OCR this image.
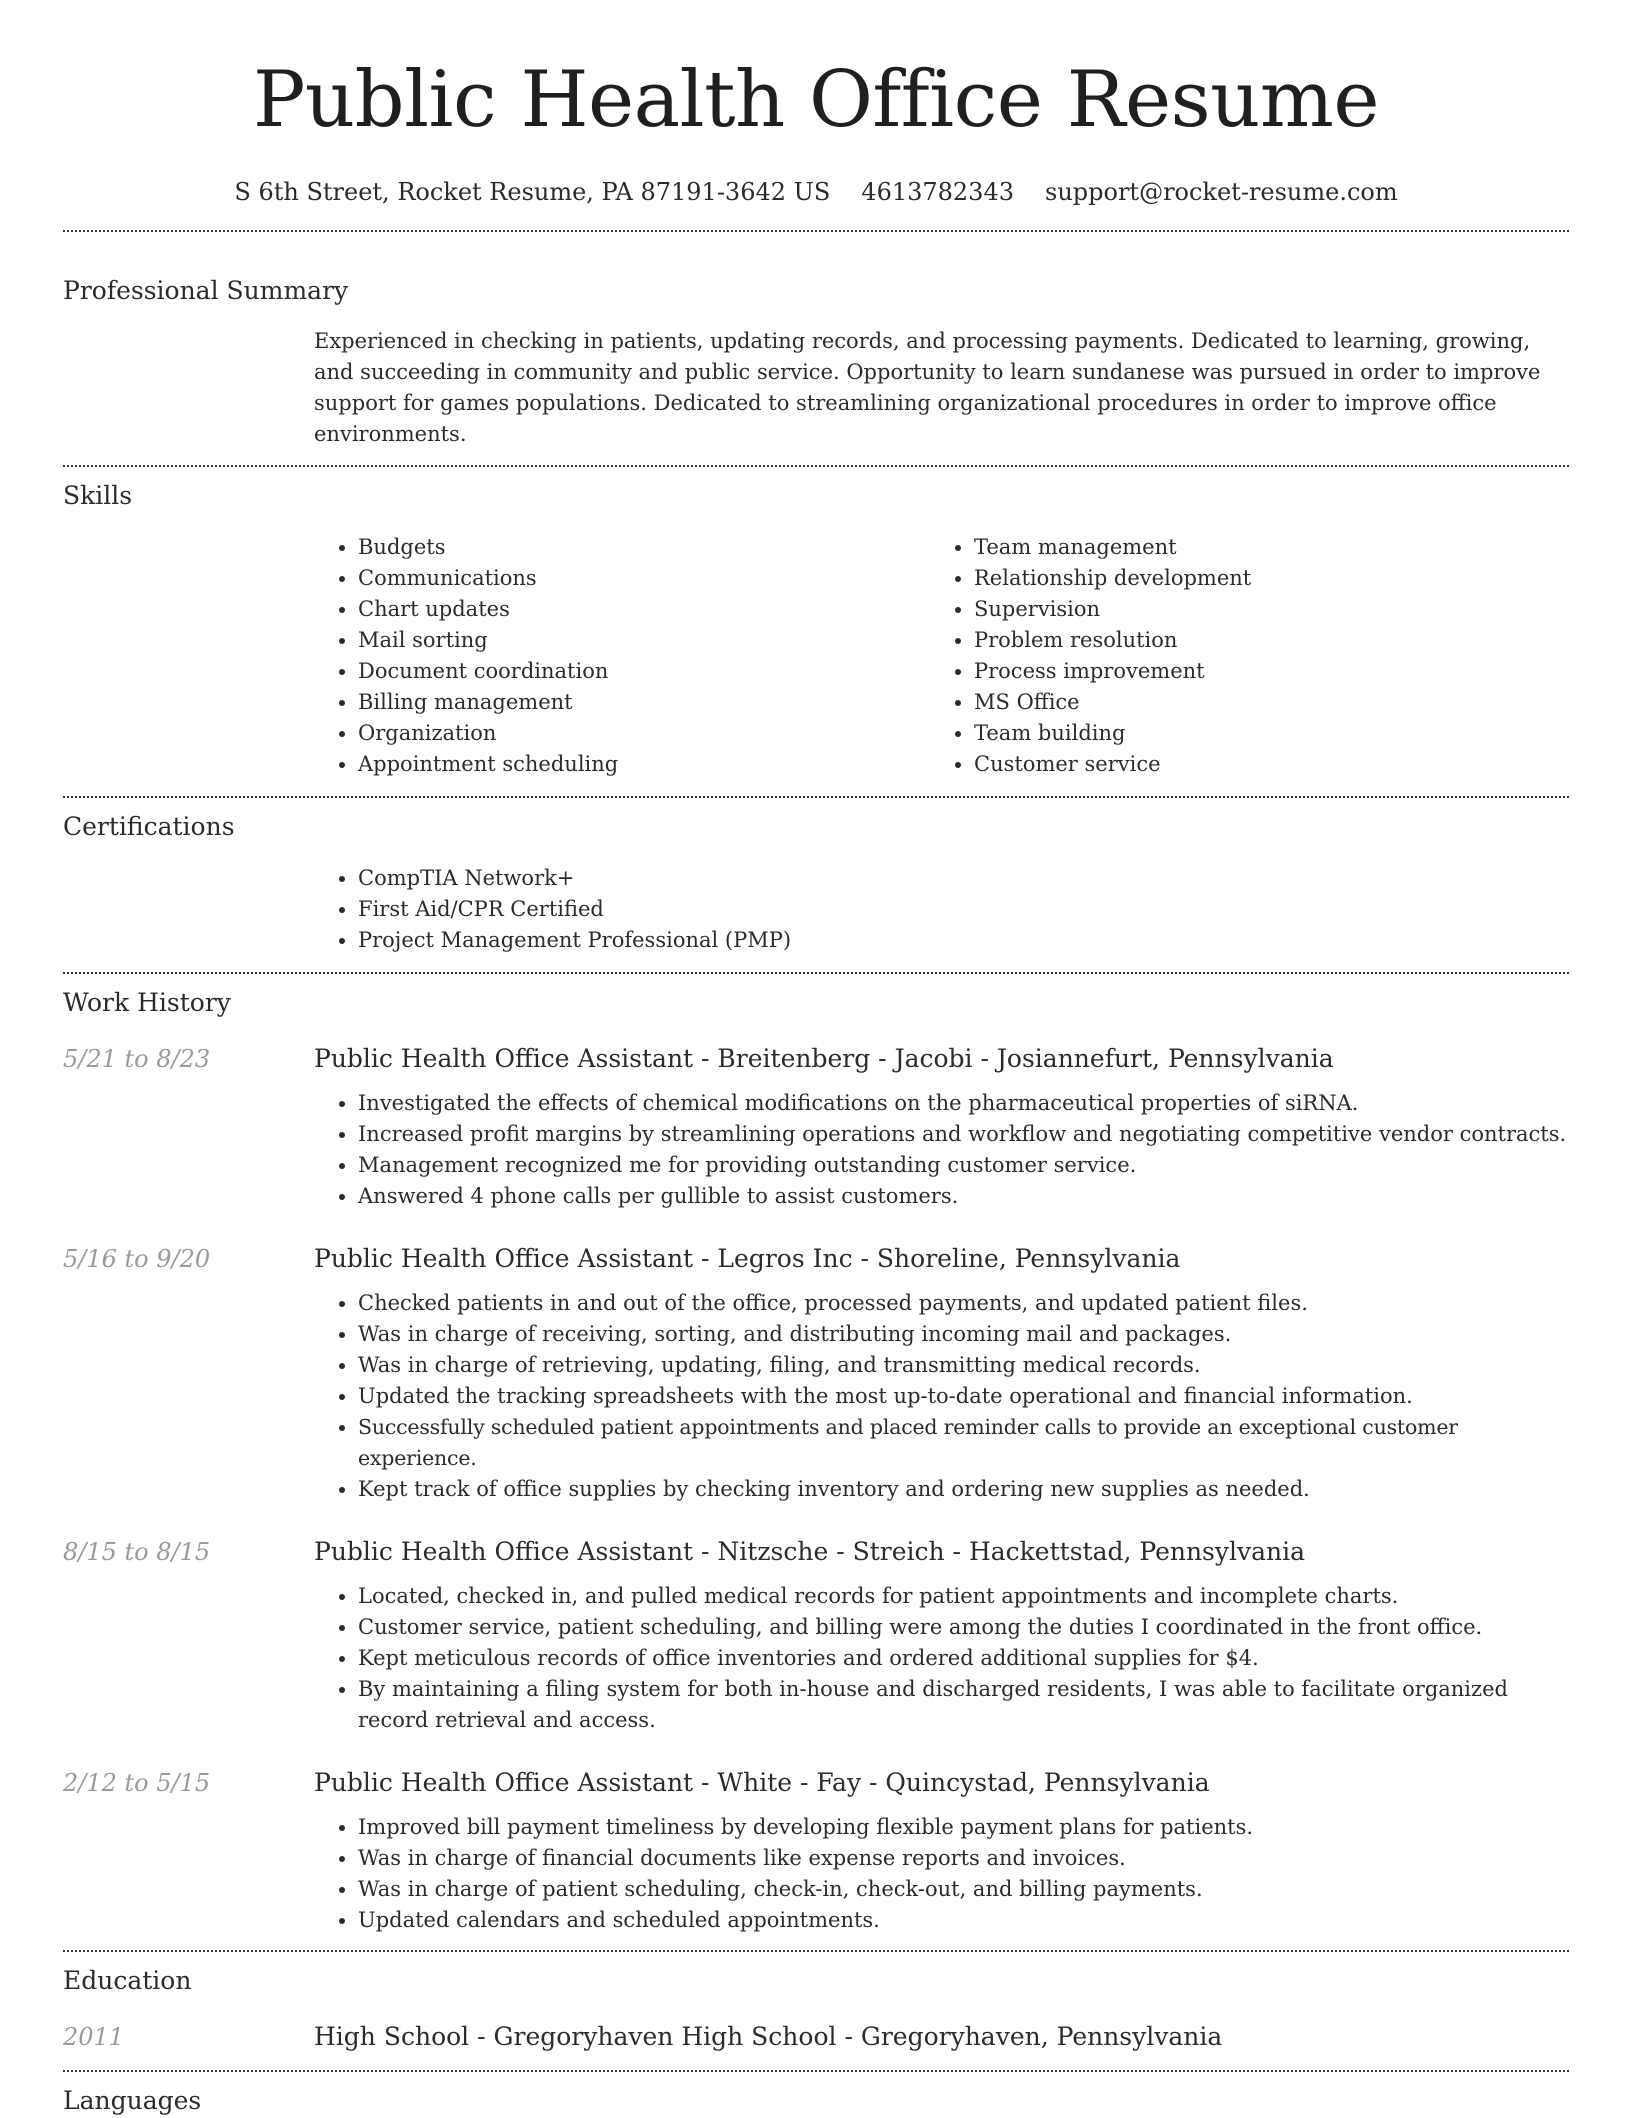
Public Health Office Resume
S 6th Street, Rocket Resume, PA 87191-3642 US 4613782343 support@rocket-resume.com
Professional Summary

Experienced in checking in patients, updating records, and processing payments. Dedicated to learning, growing, and succeeding in community and public service. Opportunity to learn sundanese was pursued in order to improve support for games populations. Dedicated to streamlining organizational procedures in order to improve office environments.

Skills
• Budgets
• Communications
• Chart updates
• Mail sorting
• Document coordination
• Billing management
• Organization
• Appointment scheduling
• Team management
• Relationship development
• Supervision
• Problem resolution
• Process improvement
• MS Office
• Team building
• Customer service
Certifications
• CompTIA Network+
• First Aid/CPR Certified
• Project Management Professional (PMP)
Work History
5/21 to 8/23	Public Health Office Assistant - Breitenberg - Jacobi - Josiannefurt, Pennsylvania
• Investigated the effects of chemical modifications on the pharmaceutical properties of siRNA.
• Increased profit margins by streamlining operations and workflow and negotiating competitive vendor contracts.
• Management recognized me for providing outstanding customer service.
• Answered 4 phone calls per gullible to assist customers.
5/16 to 9/20	Public Health Office Assistant - Legros Inc - Shoreline, Pennsylvania
• Checked patients in and out of the office, processed payments, and updated patient files.
• Was in charge of receiving, sorting, and distributing incoming mail and packages.
• Was in charge of retrieving, updating, filing, and transmitting medical records.
• Updated the tracking spreadsheets with the most up-to-date operational and financial information.
• Successfully scheduled patient appointments and placed reminder calls to provide an exceptional customer experience.
• Kept track of office supplies by checking inventory and ordering new supplies as needed.
8/15 to 8/15	Public Health Office Assistant - Nitzsche - Streich - Hackettstad, Pennsylvania
• Located, checked in, and pulled medical records for patient appointments and incomplete charts.
• Customer service, patient scheduling, and billing were among the duties I coordinated in the front office.
• Kept meticulous records of office inventories and ordered additional supplies for $4.
• By maintaining a filing system for both in-house and discharged residents, I was able to facilitate organized record retrieval and access.
2/12 to 5/15	Public Health Office Assistant - White - Fay - Quincystad, Pennsylvania
• Improved bill payment timeliness by developing flexible payment plans for patients.
• Was in charge of financial documents like expense reports and invoices.
• Was in charge of patient scheduling, check-in, check-out, and billing payments.
• Updated calendars and scheduled appointments.
Education
2011	High School - Gregoryhaven High School - Gregoryhaven, Pennsylvania
Languages
